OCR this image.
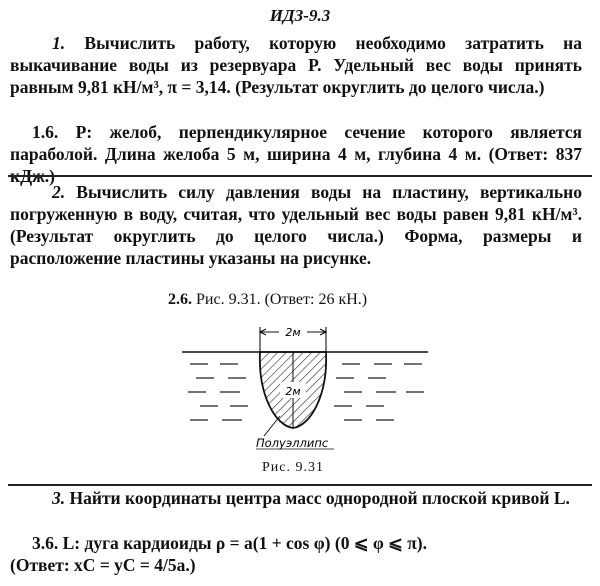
ИДЗ-9.3
1. Вычислить работу, которую необходимо затратить на выкачивание воды из резервуара P. Удельный вес воды принять равным 9,81 кН/м³, π = 3,14. (Результат округлить до целого числа.)
1.6. P: желоб, перпендикулярное сечение которого является параболой. Длина желоба 5 м, ширина 4 м, глубина 4 м. (Ответ: 837 кДж.)
2. Вычислить силу давления воды на пластину, вертикально погруженную в воду, считая, что удельный вес воды равен 9,81 кН/м³. (Результат округлить до целого числа.) Форма, размеры и расположение пластины указаны на рисунке.
2.6. Рис. 9.31. (Ответ: 26 кН.)
2м
2м
Полуэллипс
Рис. 9.31
3. Найти координаты центра масс однородной плоской кривой L.
3.6. L: дуга кардиоиды ρ = a(1 + cos φ) (0 ⩽ φ ⩽ π).
(Ответ: xC = yC = 4/5a.)
